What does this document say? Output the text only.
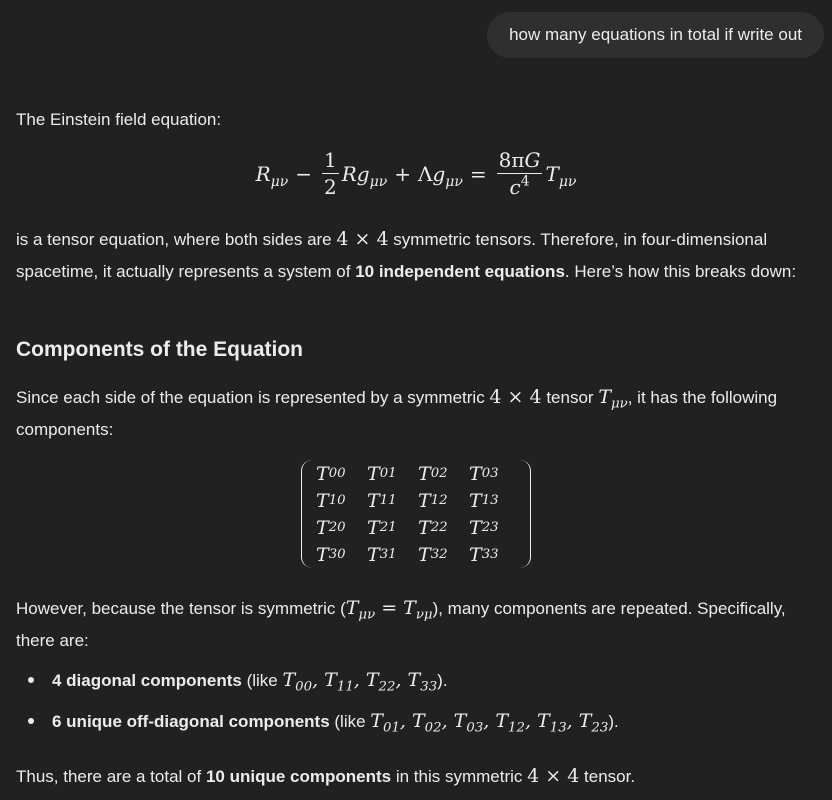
how many equations in total if write out

The Einstein field equation:

$R_{\mu\nu} - \frac{1}{2} Rg_{\mu\nu} + \Lambda g_{\mu\nu} = \frac{8\pi G}{c^4} T_{\mu\nu}$

is a tensor equation, where both sides are 4 × 4 symmetric tensors. Therefore, in four-dimensional spacetime, it actually represents a system of 10 independent equations. Here’s how this breaks down:

Components of the Equation

Since each side of the equation is represented by a symmetric 4 × 4 tensor $T_{\mu\nu}$, it has the following components:

T 00 T 01 T 02 T 03
T 10 T 11 T 12 T 13
T 20 T 21 T 22 T 23
T 30 T 31 T 32 T 33

However, because the tensor is symmetric $(T_{\mu\nu} = T_{\nu\mu})$, many components are repeated. Specifically, there are:

4 diagonal components (like $T_{00}$, $T_{11}$, $T_{22}$, $T_{33}$).
6 unique off-diagonal components (like $T_{01}$, $T_{02}$, $T_{03}$, $T_{12}$, $T_{13}$, $T_{23}$).

Thus, there are a total of 10 unique components in this symmetric 4 × 4 tensor.
